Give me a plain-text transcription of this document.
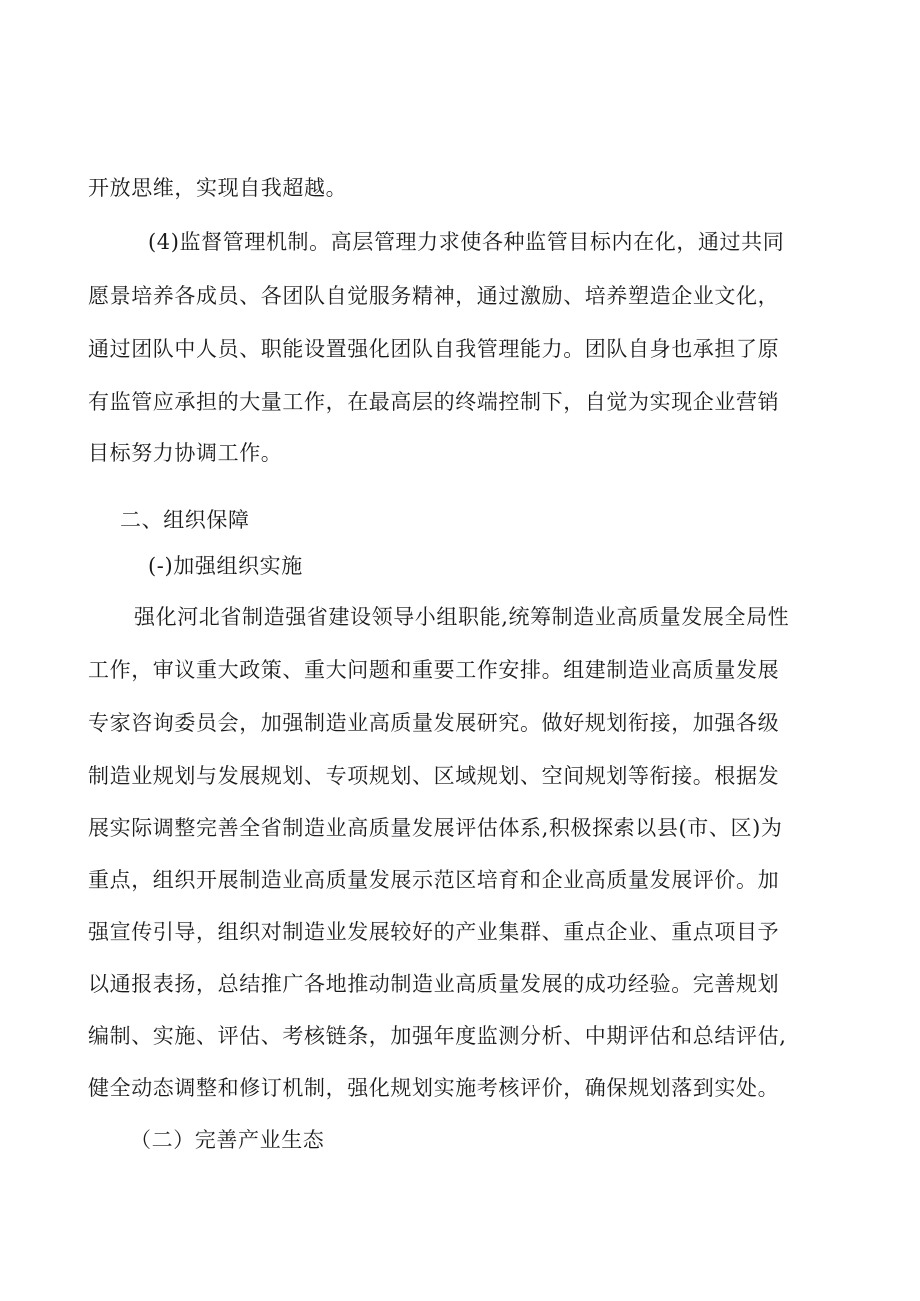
开放思维，实现自我超越。
(4)监督管理机制。高层管理力求使各种监管目标内在化，通过共同
愿景培养各成员、各团队自觉服务精神，通过激励、培养塑造企业文化，
通过团队中人员、职能设置强化团队自我管理能力。团队自身也承担了原
有监管应承担的大量工作，在最高层的终端控制下，自觉为实现企业营销
目标努力协调工作。
二、组织保障
(-)加强组织实施
强化河北省制造强省建设领导小组职能,统筹制造业高质量发展全局性
工作，审议重大政策、重大问题和重要工作安排。组建制造业高质量发展
专家咨询委员会，加强制造业高质量发展研究。做好规划衔接，加强各级
制造业规划与发展规划、专项规划、区域规划、空间规划等衔接。根据发
展实际调整完善全省制造业高质量发展评估体系,积极探索以县(市、区)为
重点，组织开展制造业高质量发展示范区培育和企业高质量发展评价。加
强宣传引导，组织对制造业发展较好的产业集群、重点企业、重点项目予
以通报表扬，总结推广各地推动制造业高质量发展的成功经验。完善规划
编制、实施、评估、考核链条，加强年度监测分析、中期评估和总结评估,
健全动态调整和修订机制，强化规划实施考核评价，确保规划落到实处。
（二）完善产业生态
